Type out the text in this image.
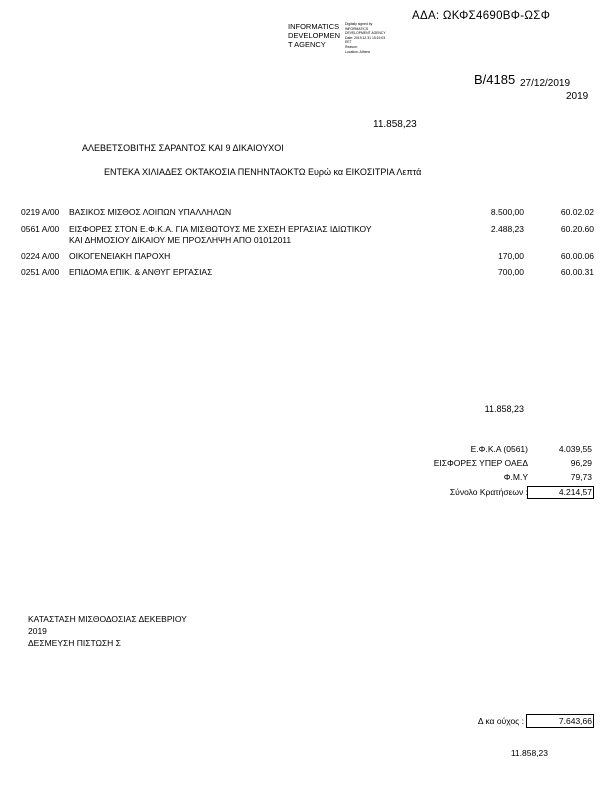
ΑΔΑ: ΩΚΦΣ4690ΒΦ-ΩΣΦ
INFORMATICS
DEVELOPMEN
T AGENCY
Digitally signed by
INFORMATICS
DEVELOPMENT AGENCY
Date: 2019.12.31 15:19:03
EET
Reason:
Location: Athens
Β/4185 27/12/2019
2019
11.858,23
ΑΛΕΒΕΤΣΟΒΙΤΗΣ ΣΑΡΑΝΤΟΣ ΚΑΙ 9 ΔΙΚΑΙΟΥΧΟΙ
ΕΝΤΕΚΑ ΧΙΛΙΑΔΕΣ ΟΚΤΑΚΟΣΙΑ ΠΕΝΗΝΤΑΟΚΤΩ Ευρώ κα ΕΙΚΟΣΙΤΡΙΑ Λεπτά
0219 Α/00 ΒΑΣΙΚΟΣ ΜΙΣΘΟΣ ΛΟΙΠΩΝ ΥΠΑΛΛΗΛΩΝ	8.500,00	60.02.02
0561 Α/00 ΕΙΣΦΟΡΕΣ ΣΤΟΝ Ε.Φ.Κ.Α. ΓΙΑ ΜΙΣΘΩΤΟΥΣ ΜΕ ΣΧΕΣΗ ΕΡΓΑΣΙΑΣ ΙΔΙΩΤΙΚΟΥ
ΚΑΙ ΔΗΜΟΣΙΟΥ ΔΙΚΑΙΟΥ ΜΕ ΠΡΟΣΛΗΨΗ ΑΠΟ 01012011
2.488,23	60.20.60
0224 Α/00 ΟΙΚΟΓΕΝΕΙΑΚΗ ΠΑΡΟΧΗ	170,00	60.00.06
0251 Α/00 ΕΠΙΔΟΜΑ ΕΠΙΚ. & ΑΝΘΥΓ ΕΡΓΑΣΙΑΣ	700,00	60.00.31
11.858,23
Ε.Φ.Κ.Α (0561)	4.039,55
ΕΙΣΦΟΡΕΣ ΥΠΕΡ ΟΑΕΔ	96,29
Φ.Μ.Υ	79,73
Σύνολο Κρατήσεων :	4.214,57
ΚΑΤΑΣΤΑΣΗ ΜΙΣΘΟΔΟΣΙΑΣ ΔΕΚΕΒΡΙΟΥ
2019
ΔΕΣΜΕΥΣΗ ΠΙΣΤΩΣΗ Σ
Δ κα ούχος :	7.643,66
11.858,23
